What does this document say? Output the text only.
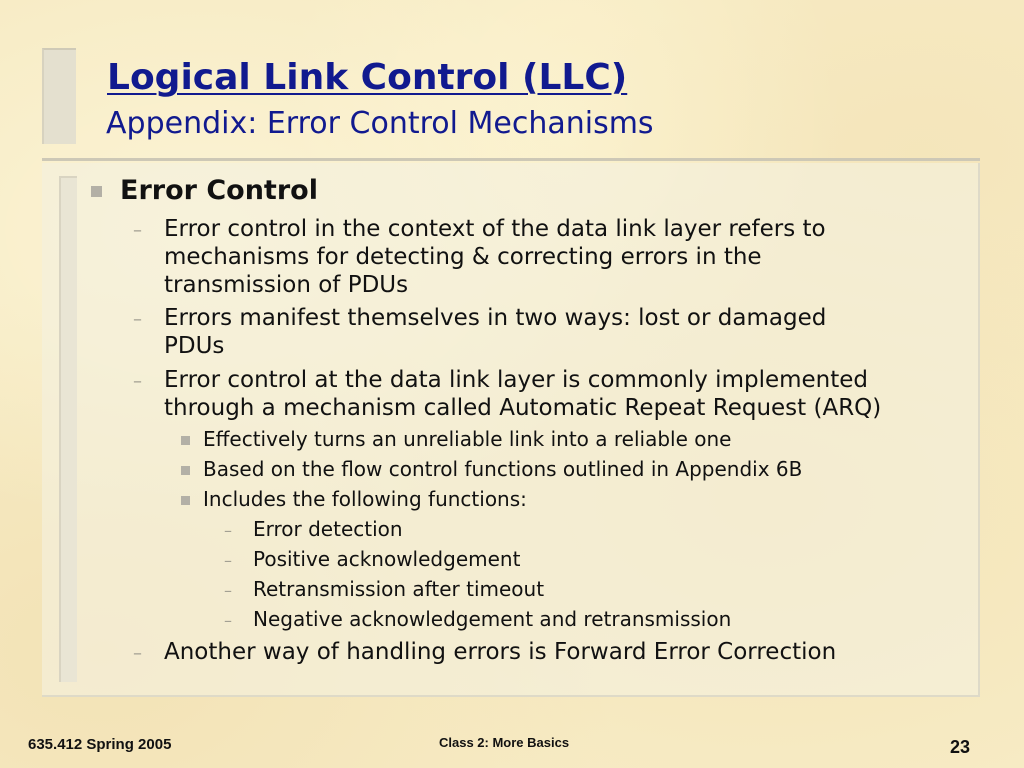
Logical Link Control (LLC)
Appendix: Error Control Mechanisms
Error Control
– Error control in the context of the data link layer refers to
mechanisms for detecting & correcting errors in the
transmission of PDUs
– Errors manifest themselves in two ways: lost or damaged
PDUs
– Error control at the data link layer is commonly implemented
through a mechanism called Automatic Repeat Request (ARQ)
Effectively turns an unreliable link into a reliable one
Based on the flow control functions outlined in Appendix 6B
Includes the following functions:
– Error detection
– Positive acknowledgement
– Retransmission after timeout
– Negative acknowledgement and retransmission
– Another way of handling errors is Forward Error Correction
635.412 Spring 2005	Class 2: More Basics	23
